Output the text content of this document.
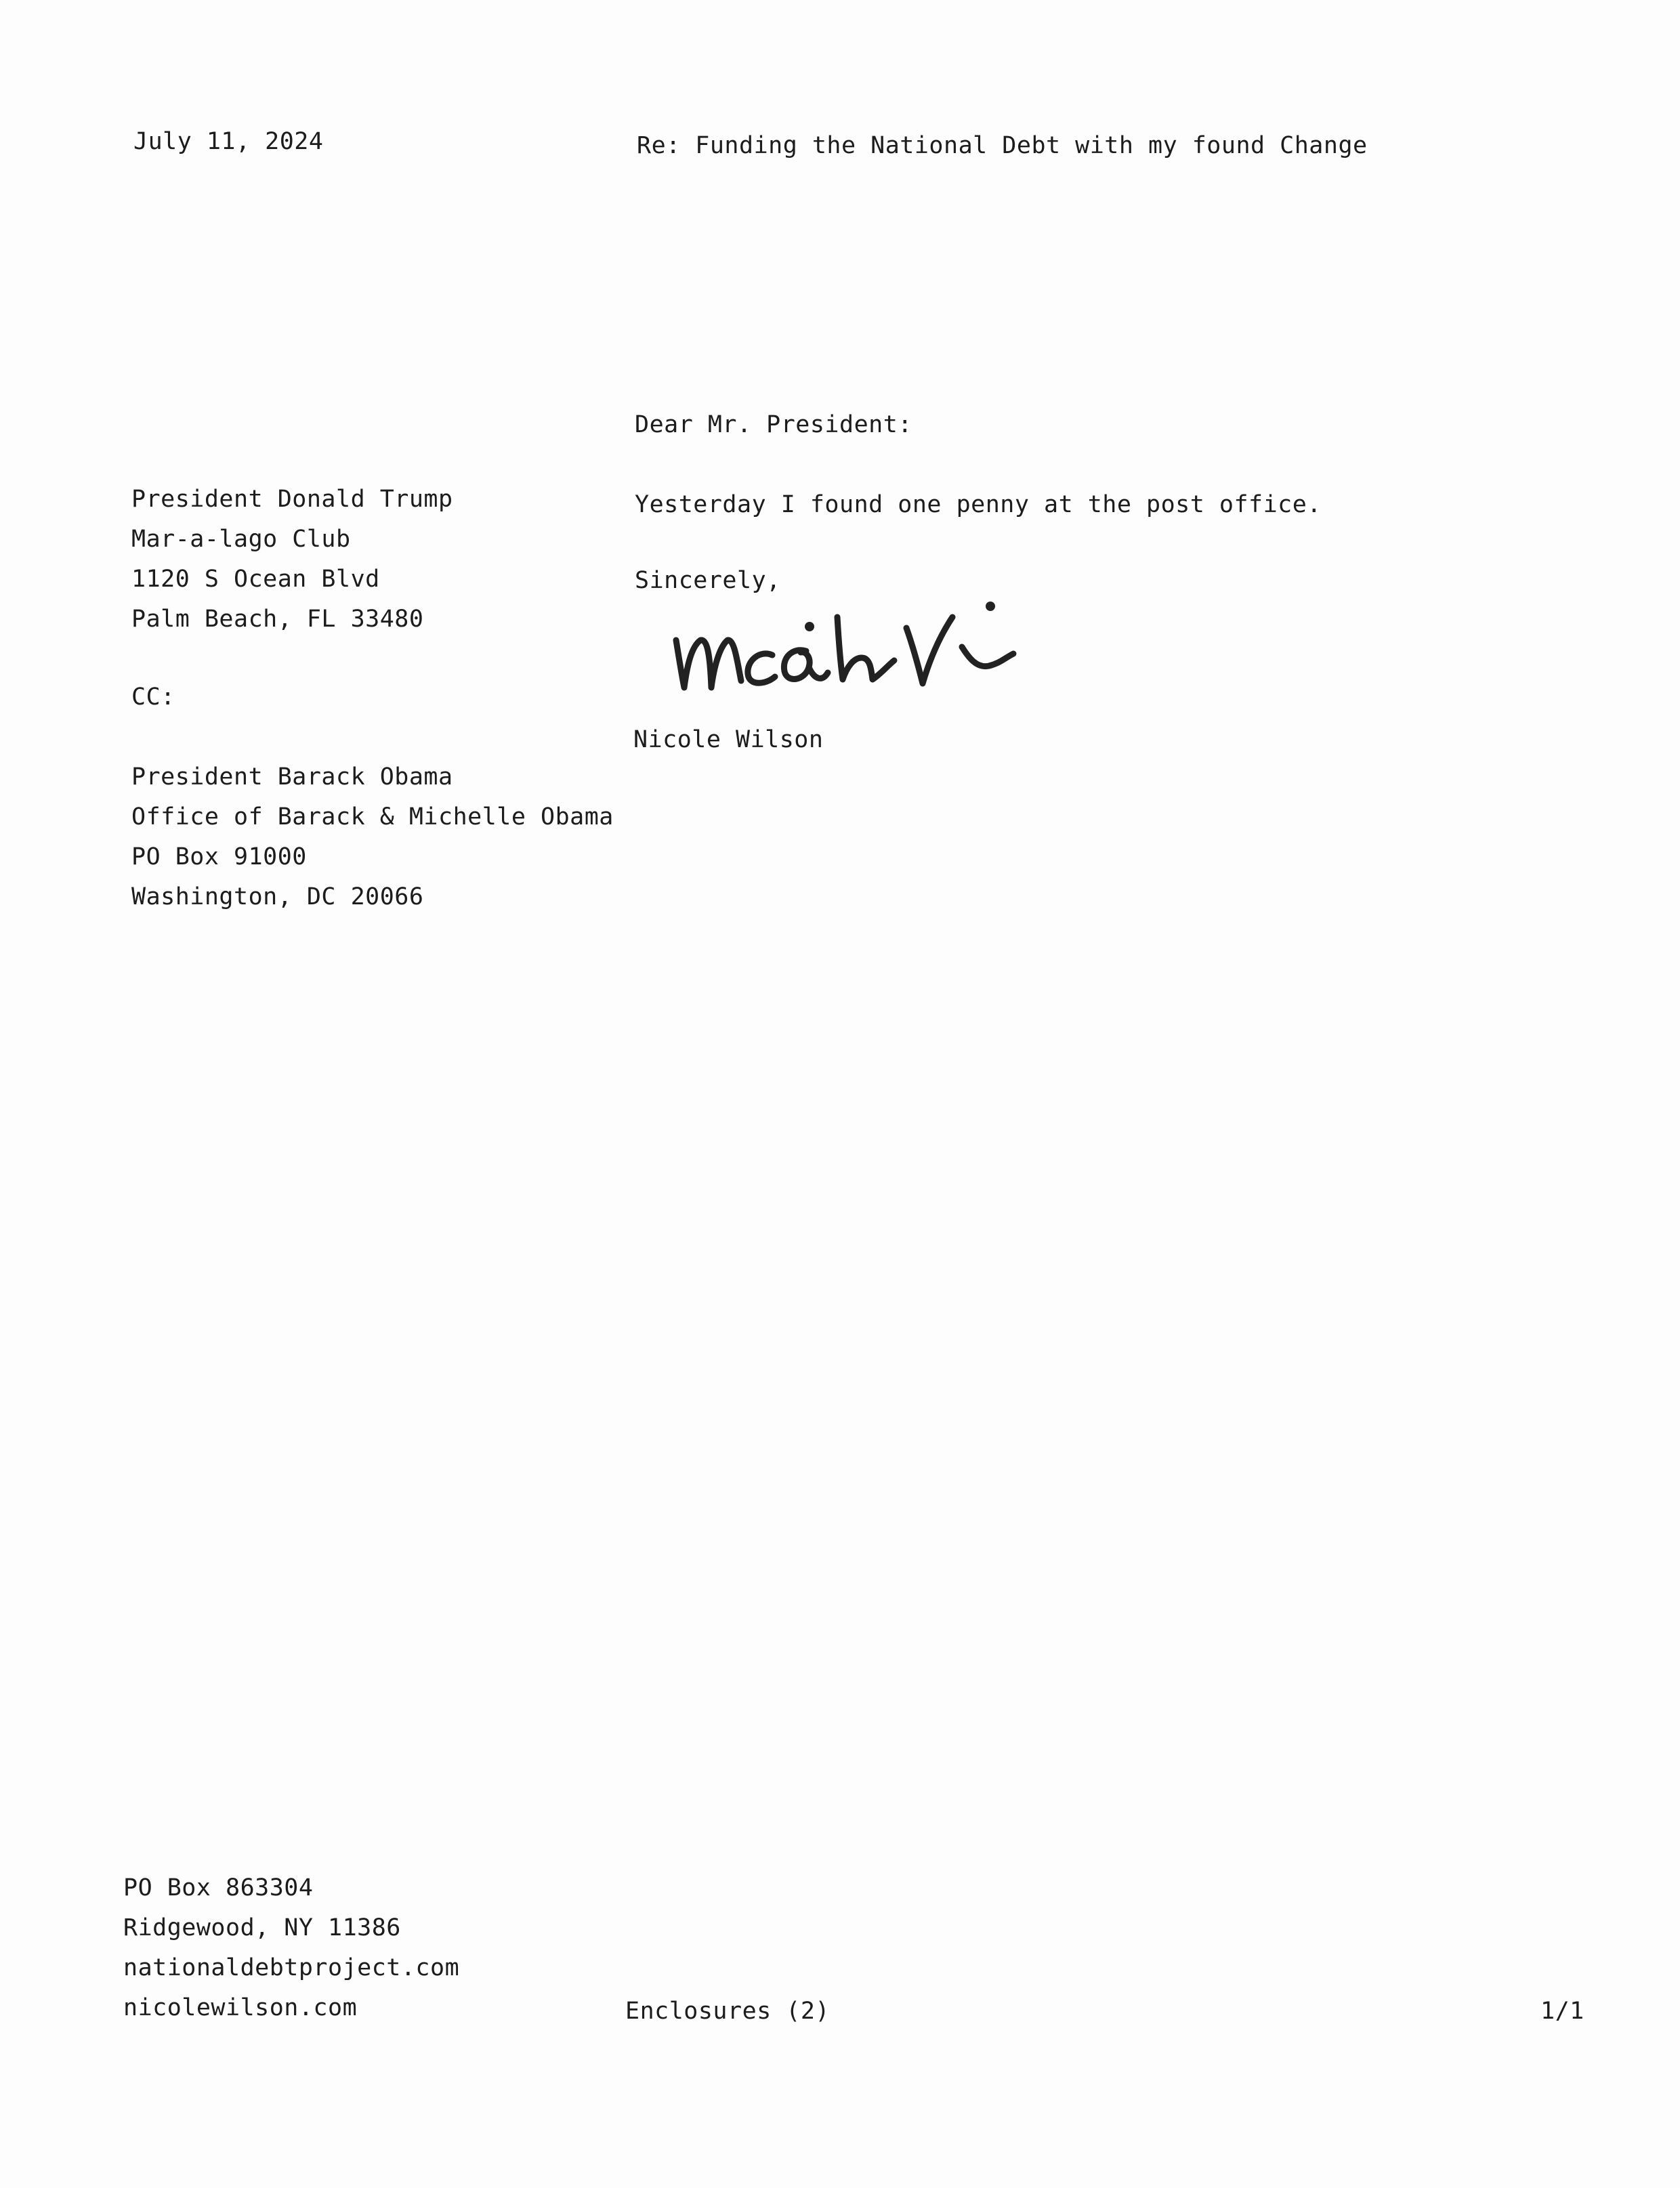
July 11, 2024	Re: Funding the National Debt with my found Change
Dear Mr. President:
President Donald Trump
Mar-a-lago Club
1120 S Ocean Blvd
Palm Beach, FL 33480
Yesterday I found one penny at the post office.
Sincerely,
Nicole Wilson
CC:
President Barack Obama
Office of Barack & Michelle Obama
PO Box 91000
Washington, DC 20066
PO Box 863304
Ridgewood, NY 11386
nationaldebtproject.com
nicolewilson.com	Enclosures (2)	1/1
